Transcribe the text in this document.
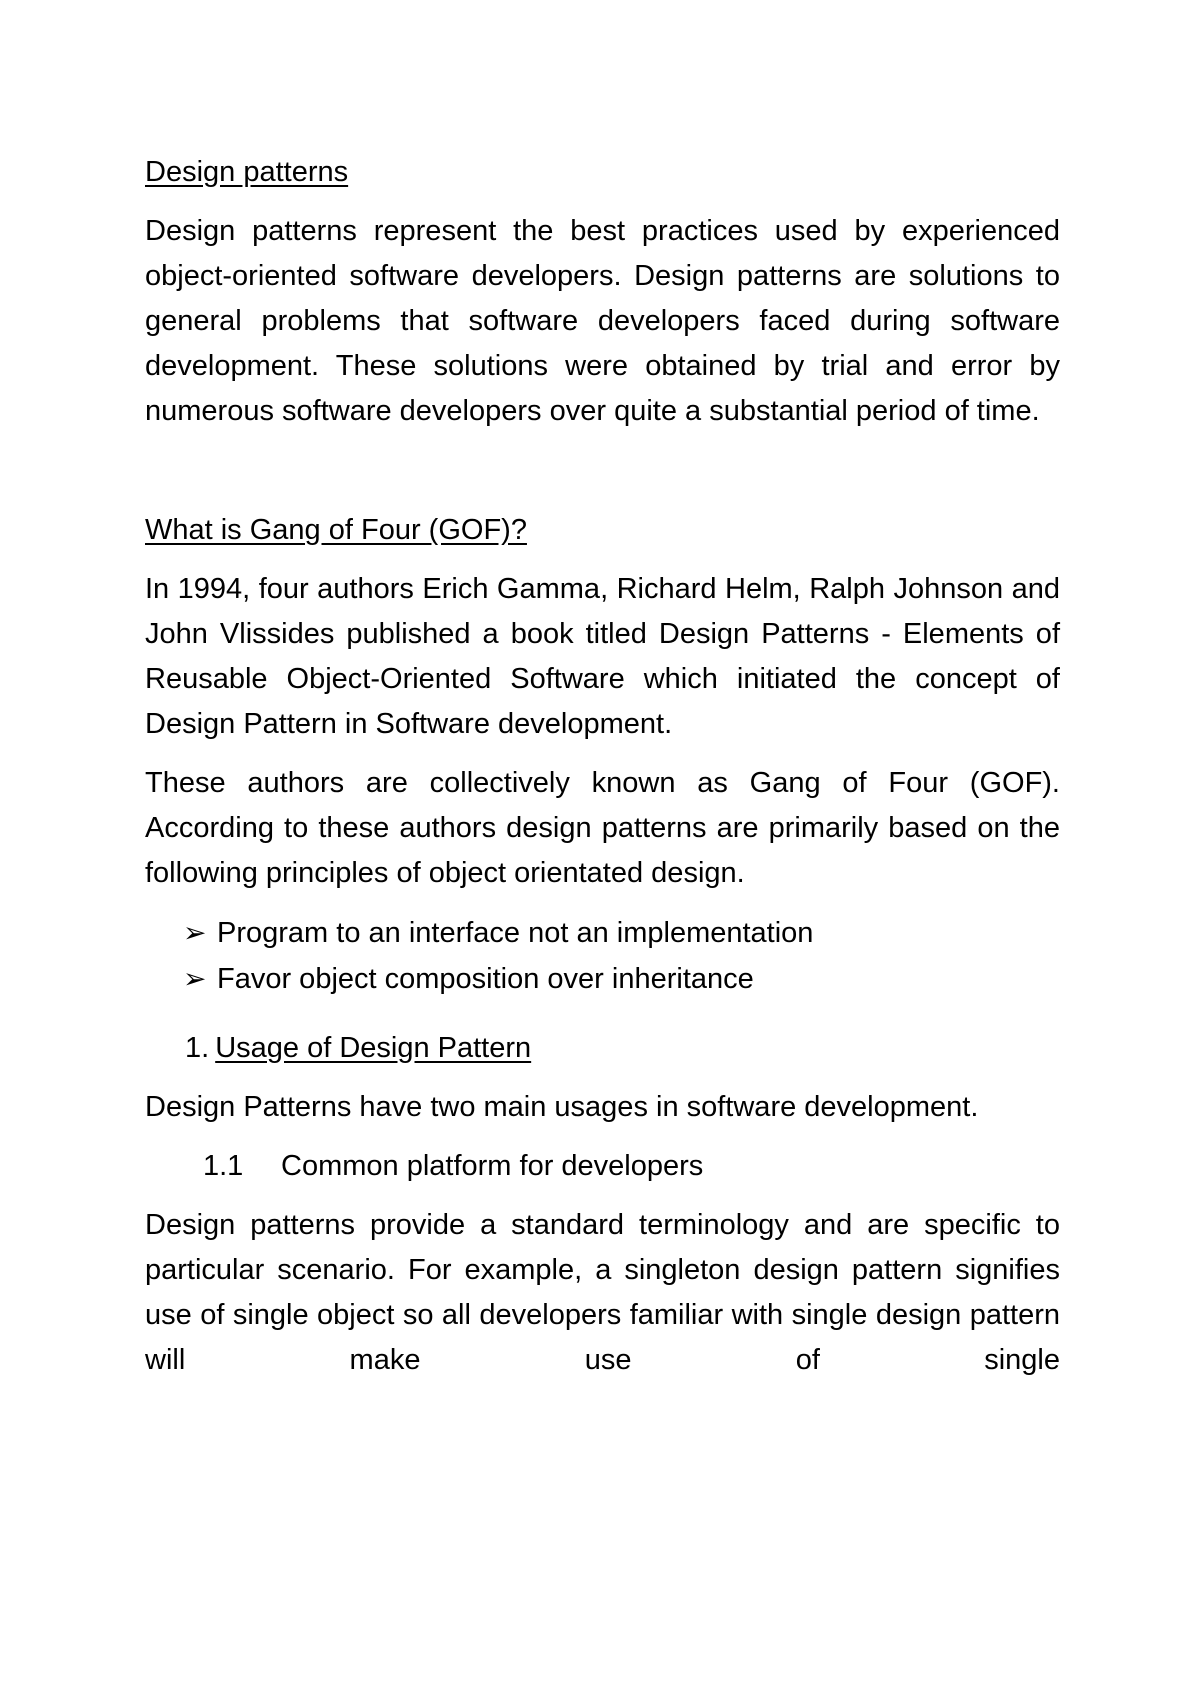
Design patterns
Design patterns represent the best practices used by experienced object-oriented software developers. Design patterns are solutions to general problems that software developers faced during software development. These solutions were obtained by trial and error by numerous software developers over quite a substantial period of time.
What is Gang of Four (GOF)?
In 1994, four authors Erich Gamma, Richard Helm, Ralph Johnson and John Vlissides published a book titled Design Patterns - Elements of Reusable Object-Oriented Software which initiated the concept of Design Pattern in Software development.
These authors are collectively known as Gang of Four (GOF). According to these authors design patterns are primarily based on the following principles of object orientated design.
➢ Program to an interface not an implementation
➢ Favor object composition over inheritance
1. Usage of Design Pattern
Design Patterns have two main usages in software development.
1.1 Common platform for developers
Design patterns provide a standard terminology and are specific to particular scenario. For example, a singleton design pattern signifies use of single object so all developers familiar with single design pattern will make use of single
